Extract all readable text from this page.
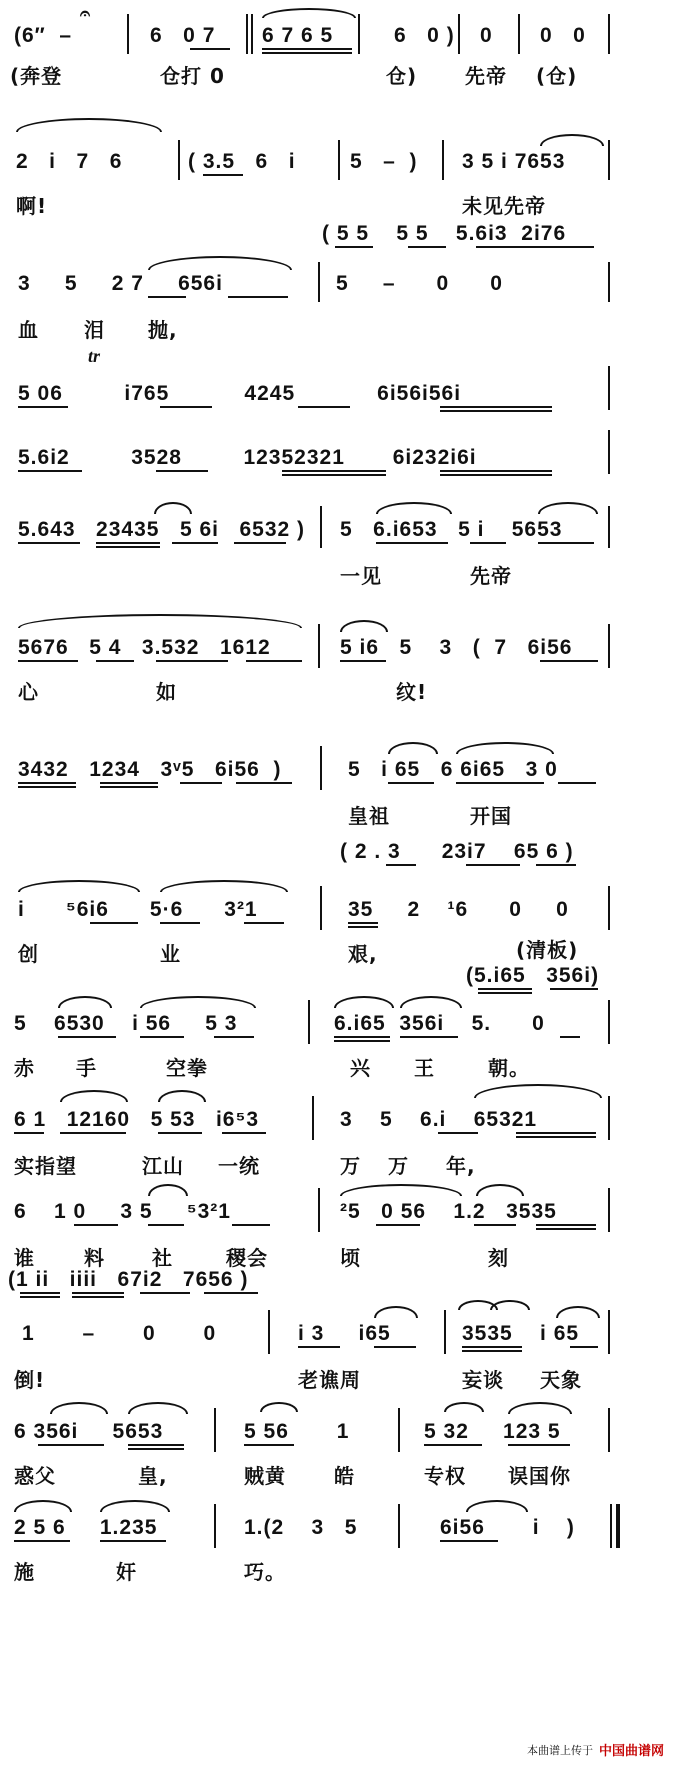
(6″  –
𝄐
6   0 7 6 7 6 5	6   0 ) 0 0   0
(奔登	仓打 0	仓) 先帝 (仓)
2   i   7   6	( 3.5   6   i	5   –  ) 3 5 i 7653
啊!	未见先帝
( 5 5    5 5    5.6i3  2i76
3     5     2 7     656i	5     –      0      0
血 泪 抛,
tr
5 06         i765           4245            6i56i56i
5.6i2         3528         12352321       6i232i6i
5.643   23435   5 6i   6532 ) 5   6.i653   5 i    5653
一见	先帝
5676   5 4   3.532   1612	5 i6   5    3   (  7   6i56
心	如	纹!
3432   1234   3ᵛ5   6i56  )	5   i 65   6 6i65   3 0
皇祖	开国
( 2 . 3      23i7    65 6 )
i      ⁵6i6      5·6      3²1	35     2    ¹6      0     0
创	业	艰,	(清板)
(5.i65   356i)
5    6530    i 56     5 3	6.i65  356i    5.      0
赤 手	空拳	兴 王	朝。
6 1   12160   5 53   i6⁵3	3    5    6.i    65321
实指望	江山 一统	万 万 年,
6    1 0     3 5     ⁵3²1	²5   0 56    1.2   3535
谁 料 社	稷会	顷	刻
(1 ii   iiii   67i2   7656 )
1       –       0       0	i 3     i65	3535    i 65
倒!	老谯周	妄谈 天象
6 356i     5653	5 56       1	5 32     123 5
惑父	皇,	贼黄 皓	专权 误国你
2 5 6     1.235	1.(2    3   5	6i56       i    )
施	奸	巧。
本曲谱上传于 中国曲谱网
